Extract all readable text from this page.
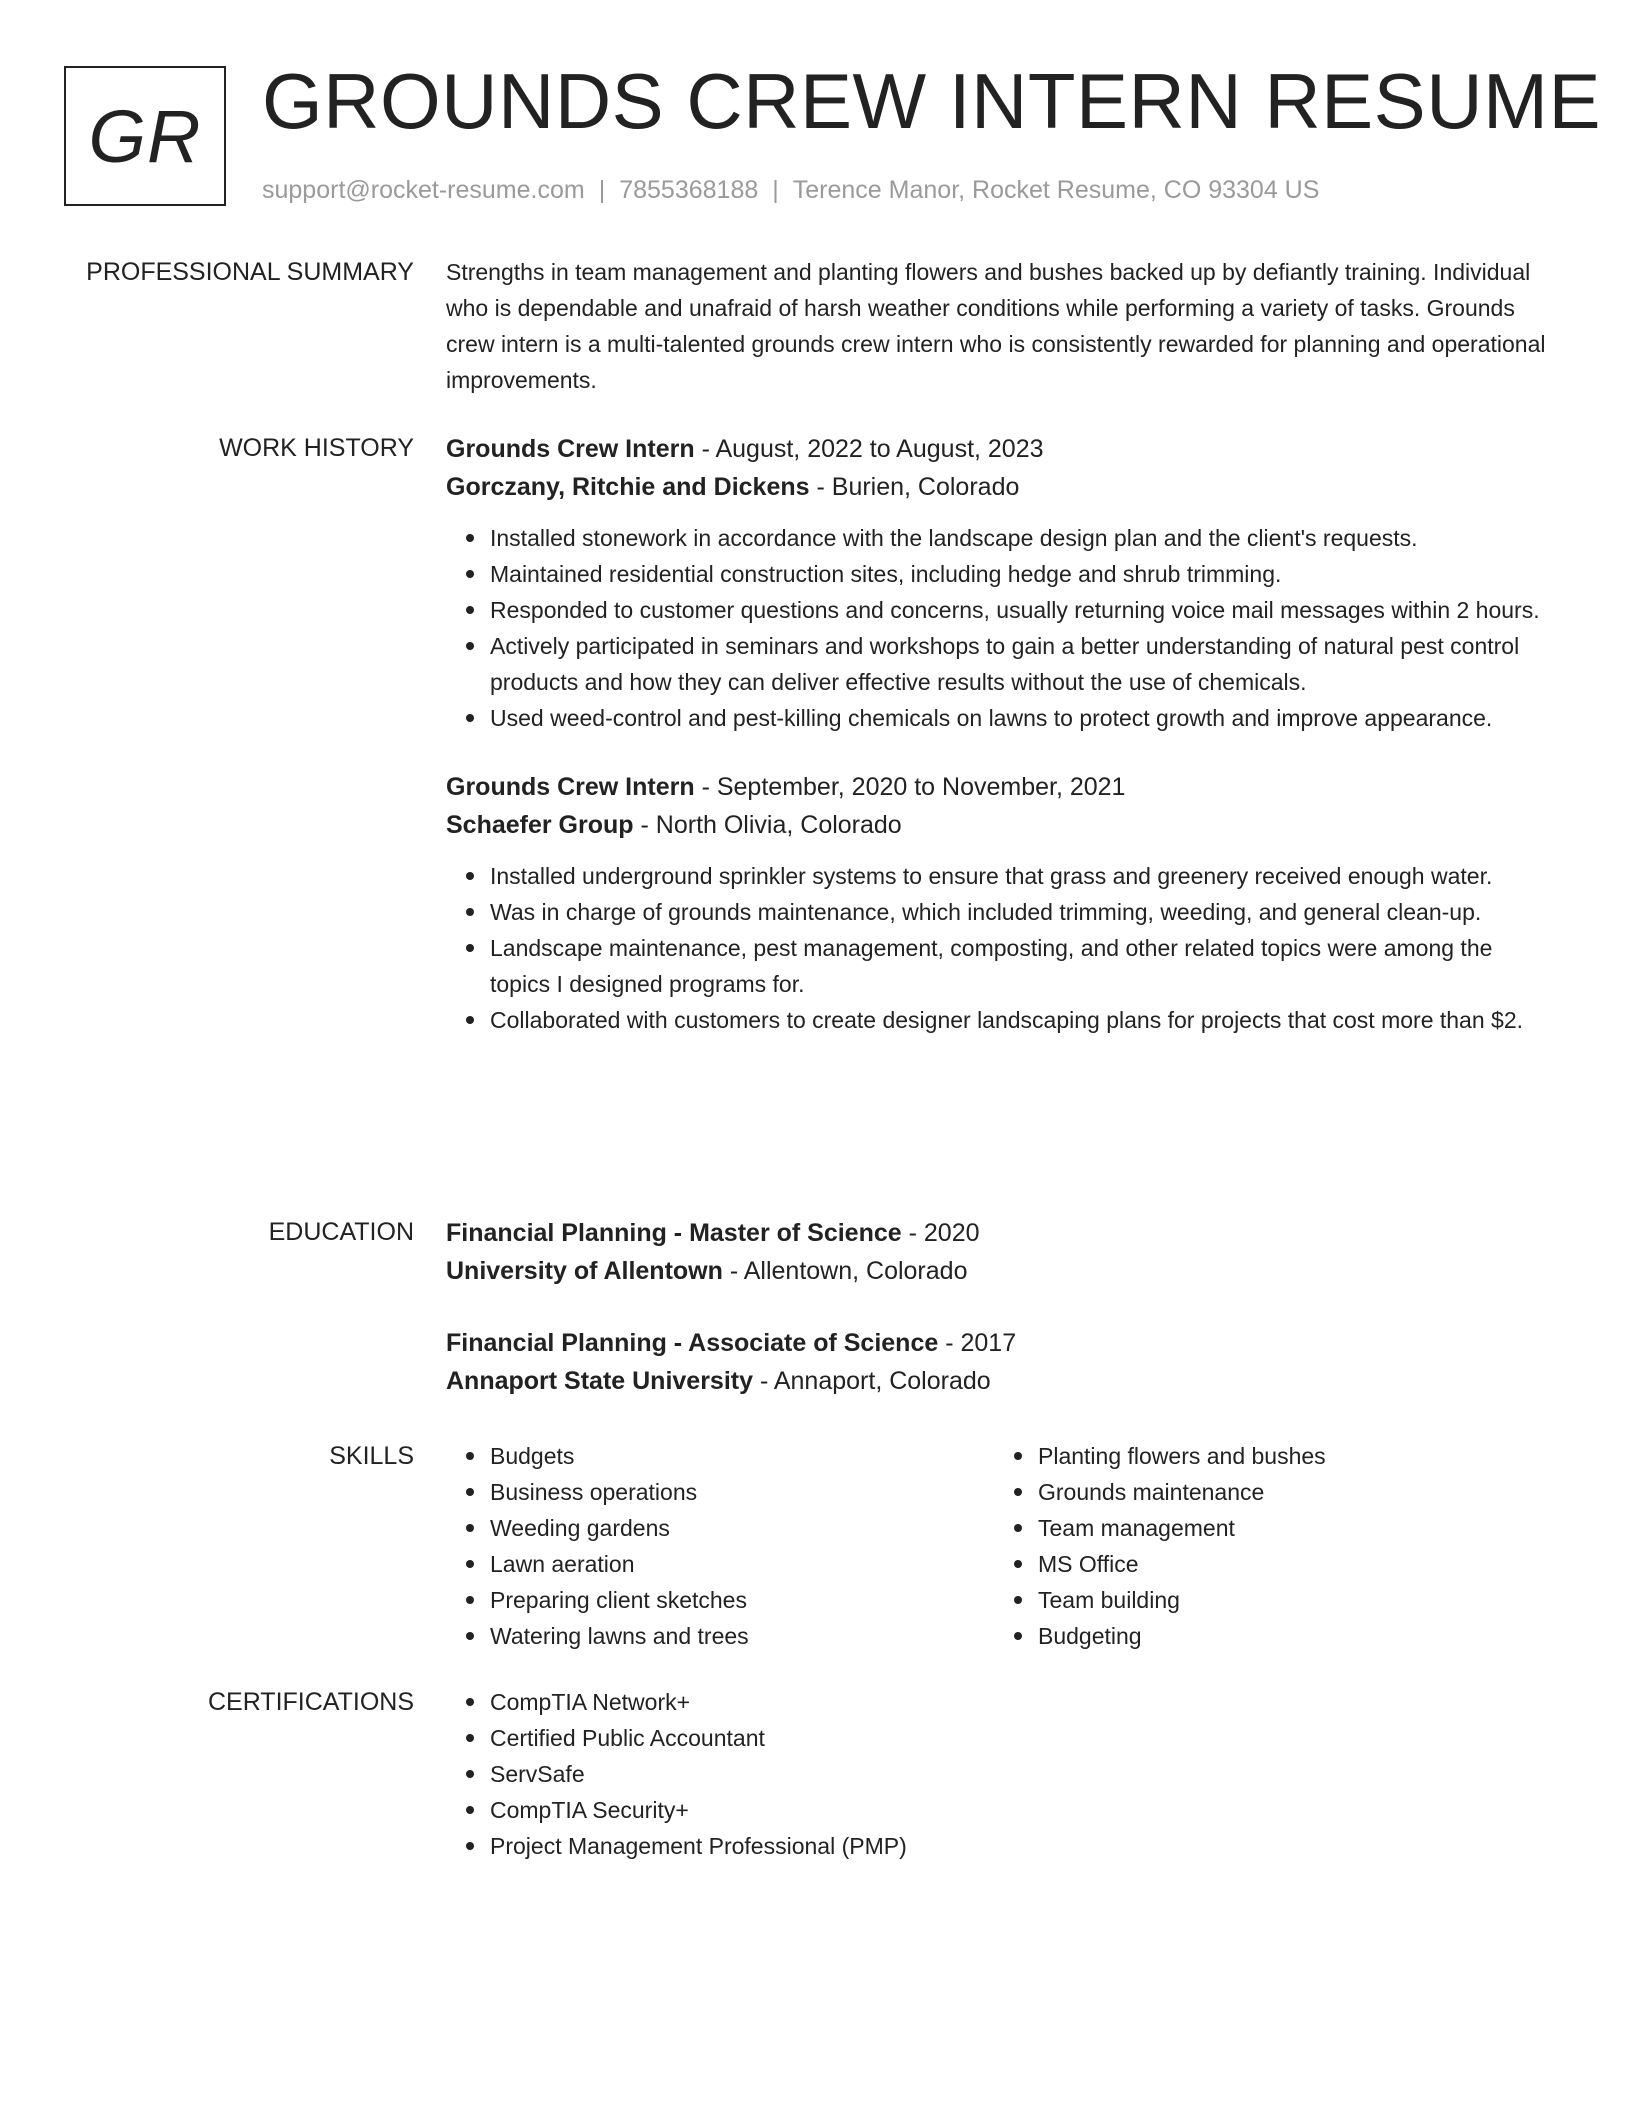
GR GROUNDS CREW INTERN RESUME
support@rocket-resume.com | 7855368188 | Terence Manor, Rocket Resume, CO 93304 US
PROFESSIONAL SUMMARY Strengths in team management and planting flowers and bushes backed up by defiantly training. Individual who is dependable and unafraid of harsh weather conditions while performing a variety of tasks. Grounds crew intern is a multi-talented grounds crew intern who is consistently rewarded for planning and operational improvements.

WORK HISTORY Grounds Crew Intern - August, 2022 to August, 2023
Gorczany, Ritchie and Dickens - Burien, Colorado
Installed stonework in accordance with the landscape design plan and the client's requests.
Maintained residential construction sites, including hedge and shrub trimming.
Responded to customer questions and concerns, usually returning voice mail messages within 2 hours.
Actively participated in seminars and workshops to gain a better understanding of natural pest control products and how they can deliver effective results without the use of chemicals.
Used weed-control and pest-killing chemicals on lawns to protect growth and improve appearance.
Grounds Crew Intern - September, 2020 to November, 2021
Schaefer Group - North Olivia, Colorado
Installed underground sprinkler systems to ensure that grass and greenery received enough water.
Was in charge of grounds maintenance, which included trimming, weeding, and general clean-up.
Landscape maintenance, pest management, composting, and other related topics were among the topics I designed programs for.
Collaborated with customers to create designer landscaping plans for projects that cost more than $2.
EDUCATION Financial Planning - Master of Science - 2020
University of Allentown - Allentown, Colorado
Financial Planning - Associate of Science - 2017
Annaport State University - Annaport, Colorado
SKILLS	Budgets
Business operations
Weeding gardens
Lawn aeration
Preparing client sketches
Watering lawns and trees
Planting flowers and bushes
Grounds maintenance
Team management
MS Office
Team building
Budgeting
CERTIFICATIONS	CompTIA Network+
Certified Public Accountant
ServSafe
CompTIA Security+
Project Management Professional (PMP)
